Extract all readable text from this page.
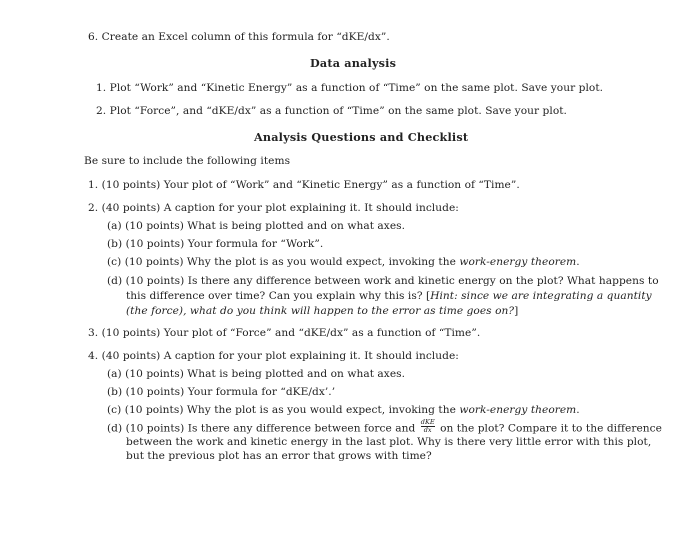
6. Create an Excel column of this formula for “dKE/dx”.
Data analysis
1. Plot “Work” and “Kinetic Energy” as a function of “Time” on the same plot. Save your plot.
2. Plot “Force”, and “dKE/dx” as a function of “Time” on the same plot. Save your plot.
Analysis Questions and Checklist
Be sure to include the following items
1. (10 points) Your plot of “Work” and “Kinetic Energy” as a function of “Time”.
2. (40 points) A caption for your plot explaining it. It should include:
(a) (10 points) What is being plotted and on what axes.
(b) (10 points) Your formula for “Work”.
(c) (10 points) Why the plot is as you would expect, invoking the work-energy theorem.
(d) (10 points) Is there any difference between work and kinetic energy on the plot? What happens to
this difference over time? Can you explain why this is? [Hint: since we are integrating a quantity
(the force), what do you think will happen to the error as time goes on?]
3. (10 points) Your plot of “Force” and “dKE/dx” as a function of “Time”.
4. (40 points) A caption for your plot explaining it. It should include:
(a) (10 points) What is being plotted and on what axes.
(b) (10 points) Your formula for “dKE/dx’.’
(c) (10 points) Why the plot is as you would expect, invoking the work-energy theorem.
(d) (10 points) Is there any difference between force and $\frac{\text{dKE}}{dx}$ on the plot? Compare it to the difference
between the work and kinetic energy in the last plot. Why is there very little error with this plot,
but the previous plot has an error that grows with time?
